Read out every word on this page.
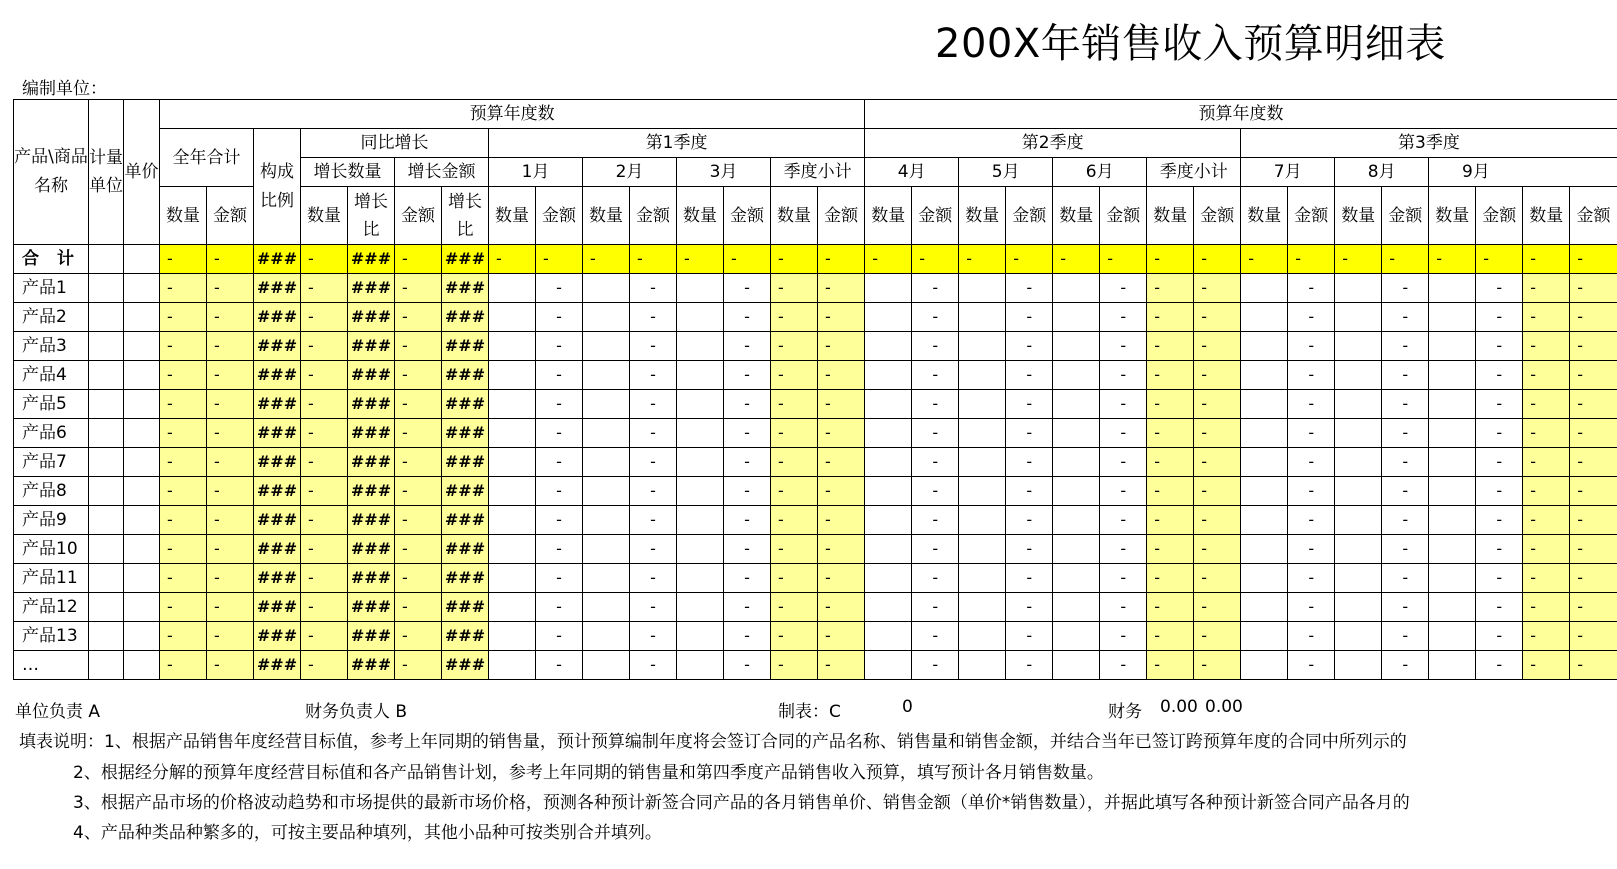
200X年销售收入预算明细表
编制单位：
产品\商品名称	计量单位	单价	预算年度数															预算年度数															
			全年合计		构成比例	同比增长				第1季度								第2季度								第3季度							
						增长数量		增长金额		1月		2月		3月		季度小计		4月		5月		6月		季度小计		7月		8月		9月			
			数量	金额		数量	增长比	金额	增长比	数量	金额	数量	金额	数量	金额	数量	金额	数量	金额	数量	金额	数量	金额	数量	金额	数量	金额	数量	金额	数量	金额	数量	金额
合 计			-	-	###	-	###	-	###	-	-	-	-	-	-	-	-	-	-	-	-	-	-	-	-	-	-	-	-	-	-	-	-
产品1			-	-	###	-	###	-	###		-		-		-	-	-		-		-		-	-	-		-		-		-	-	-
产品2			-	-	###	-	###	-	###		-		-		-	-	-		-		-		-	-	-		-		-		-	-	-
产品3			-	-	###	-	###	-	###		-		-		-	-	-		-		-		-	-	-		-		-		-	-	-
产品4			-	-	###	-	###	-	###		-		-		-	-	-		-		-		-	-	-		-		-		-	-	-
产品5			-	-	###	-	###	-	###		-		-		-	-	-		-		-		-	-	-		-		-		-	-	-
产品6			-	-	###	-	###	-	###		-		-		-	-	-		-		-		-	-	-		-		-		-	-	-
产品7			-	-	###	-	###	-	###		-		-		-	-	-		-		-		-	-	-		-		-		-	-	-
产品8			-	-	###	-	###	-	###		-		-		-	-	-		-		-		-	-	-		-		-		-	-	-
产品9			-	-	###	-	###	-	###		-		-		-	-	-		-		-		-	-	-		-		-		-	-	-
产品10			-	-	###	-	###	-	###		-		-		-	-	-		-		-		-	-	-		-		-		-	-	-
产品11			-	-	###	-	###	-	###		-		-		-	-	-		-		-		-	-	-		-		-		-	-	-
产品12			-	-	###	-	###	-	###		-		-		-	-	-		-		-		-	-	-		-		-		-	-	-
产品13			-	-	###	-	###	-	###		-		-		-	-	-		-		-		-	-	-		-		-		-	-	-
…			-	-	###	-	###	-	###		-		-		-	-	-		-		-		-	-	-		-		-		-	-	-
单位负责 A	财务负责人 B	制表：C	0	财务 0.00 0.00
填表说明：1、根据产品销售年度经营目标值，参考上年同期的销售量，预计预算编制年度将会签订合同的产品名称、销售量和销售金额，并结合当年已签订跨预算年度的合同中所列示的
2、根据经分解的预算年度经营目标值和各产品销售计划，参考上年同期的销售量和第四季度产品销售收入预算，填写预计各月销售数量。
3、根据产品市场的价格波动趋势和市场提供的最新市场价格，预测各种预计新签合同产品的各月销售单价、销售金额（单价*销售数量），并据此填写各种预计新签合同产品各月的
4、产品种类品种繁多的，可按主要品种填列，其他小品种可按类别合并填列。
